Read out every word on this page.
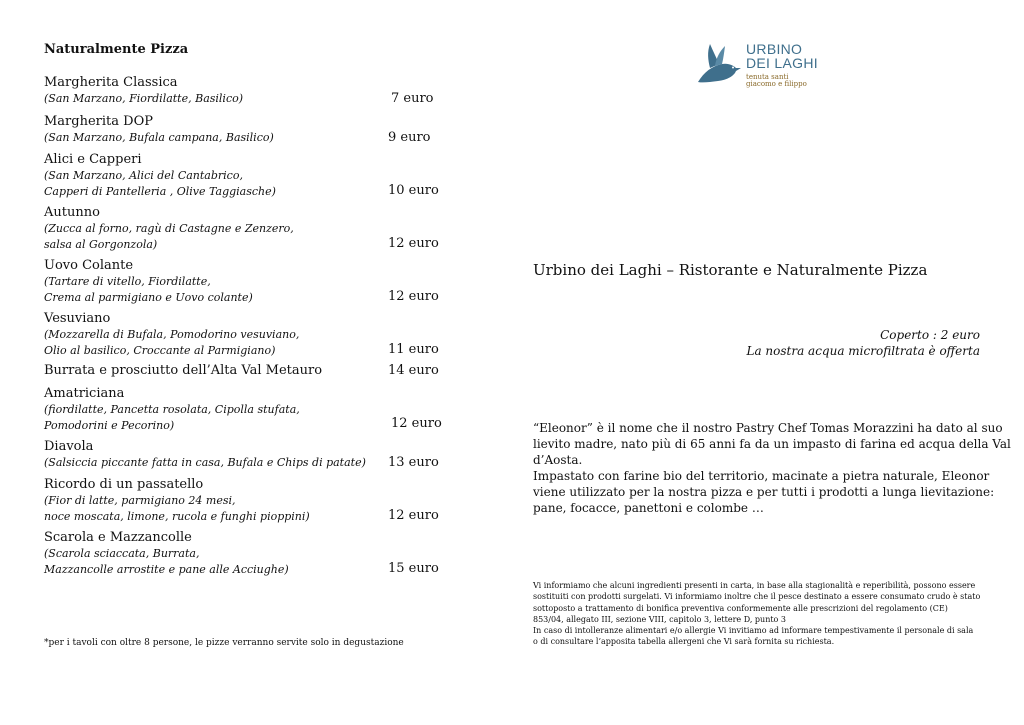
Naturalmente Pizza
Margherita Classica
(San Marzano, Fiordilatte, Basilico)	7 euro
Margherita DOP
(San Marzano, Bufala campana, Basilico)	9 euro
Alici e Capperi
(San Marzano, Alici del Cantabrico,
Capperi di Pantelleria , Olive Taggiasche)	10 euro
Autunno
(Zucca al forno, ragù di Castagne e Zenzero,
salsa al Gorgonzola)	12 euro
Uovo Colante
(Tartare di vitello, Fiordilatte,
Crema al parmigiano e Uovo colante)	12 euro
Vesuviano
(Mozzarella di Bufala, Pomodorino vesuviano,
Olio al basilico, Croccante al Parmigiano)	11 euro
Burrata e prosciutto dell’Alta Val Metauro	14 euro
Amatriciana
(fiordilatte, Pancetta rosolata, Cipolla stufata,
Pomodorini e Pecorino)	12 euro
Diavola
(Salsiccia piccante fatta in casa, Bufala e Chips di patate)	13 euro
Ricordo di un passatello
(Fior di latte, parmigiano 24 mesi,
noce moscata, limone, rucola e funghi pioppini)	12 euro
Scarola e Mazzancolle
(Scarola sciaccata, Burrata,
Mazzancolle arrostite e pane alle Acciughe)	15 euro
*per i tavoli con oltre 8 persone, le pizze verranno servite solo in degustazione
URBINO
DEI LAGHI
tenuta santi
giacomo e filippo
Urbino dei Laghi – Ristorante e Naturalmente Pizza
Coperto : 2 euro
La nostra acqua microfiltrata è offerta
“Eleonor” è il nome che il nostro Pastry Chef Tomas Morazzini ha dato al suo
lievito madre, nato più di 65 anni fa da un impasto di farina ed acqua della Val
d’Aosta.
Impastato con farine bio del territorio, macinate a pietra naturale, Eleonor
viene utilizzato per la nostra pizza e per tutti i prodotti a lunga lievitazione:
pane, focacce, panettoni e colombe …
Vi informiamo che alcuni ingredienti presenti in carta, in base alla stagionalità e reperibilità, possono essere
sostituiti con prodotti surgelati. Vi informiamo inoltre che il pesce destinato a essere consumato crudo è stato
sottoposto a trattamento di bonifica preventiva conformemente alle prescrizioni del regolamento (CE)
853/04, allegato III, sezione VIII, capitolo 3, lettere D, punto 3
In caso di intolleranze alimentari e/o allergie Vi invitiamo ad informare tempestivamente il personale di sala
o di consultare l’apposita tabella allergeni che Vi sarà fornita su richiesta.
